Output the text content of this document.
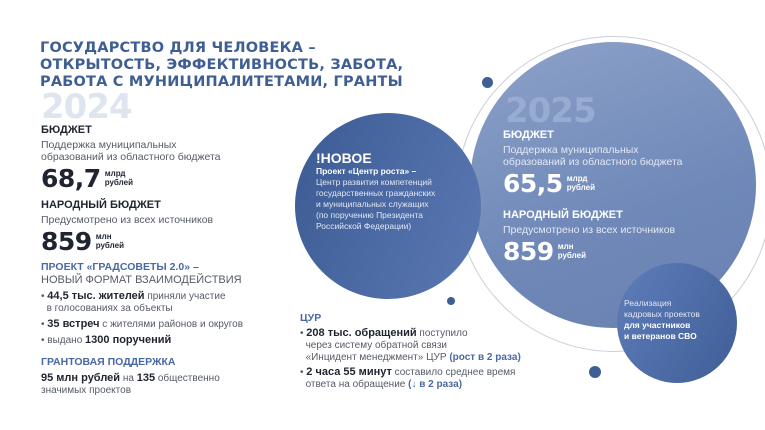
ГОСУДАРСТВО ДЛЯ ЧЕЛОВЕКА –
ОТКРЫТОСТЬ, ЭФФЕКТИВНОСТЬ, ЗАБОТА,
РАБОТА С МУНИЦИПАЛИТЕТАМИ, ГРАНТЫ
2024
БЮДЖЕТ
Поддержка муниципальных
образований из областного бюджета
68,7 млрд
рублей
НАРОДНЫЙ БЮДЖЕТ
Предусмотрено из всех источников
859 млн
рублей
ПРОЕКТ «ГРАДСОВЕТЫ 2.0» –
НОВЫЙ ФОРМАТ ВЗАИМОДЕЙСТВИЯ
• 44,5 тыс. жителей приняли участие
в голосованиях за объекты
• 35 встреч с жителями районов и округов
• выдано 1300 поручений
ГРАНТОВАЯ ПОДДЕРЖКА
95 млн рублей на 135 общественно
значимых проектов
!НОВОЕ
Проект «Центр роста» –
Центр развития компетенций
государственных гражданских
и муниципальных служащих
(по поручению Президента
Российской Федерации)
2025
БЮДЖЕТ
Поддержка муниципальных
образований из областного бюджета
65,5 млрд
рублей
НАРОДНЫЙ БЮДЖЕТ
Предусмотрено из всех источников
859 млн
рублей
Реализация
кадровых проектов
для участников
и ветеранов СВО
ЦУР
• 208 тыс. обращений поступило
через систему обратной связи
«Инцидент менеджмент» ЦУР (рост в 2 раза)
• 2 часа 55 минут составило среднее время
ответа на обращение (↓ в 2 раза)
